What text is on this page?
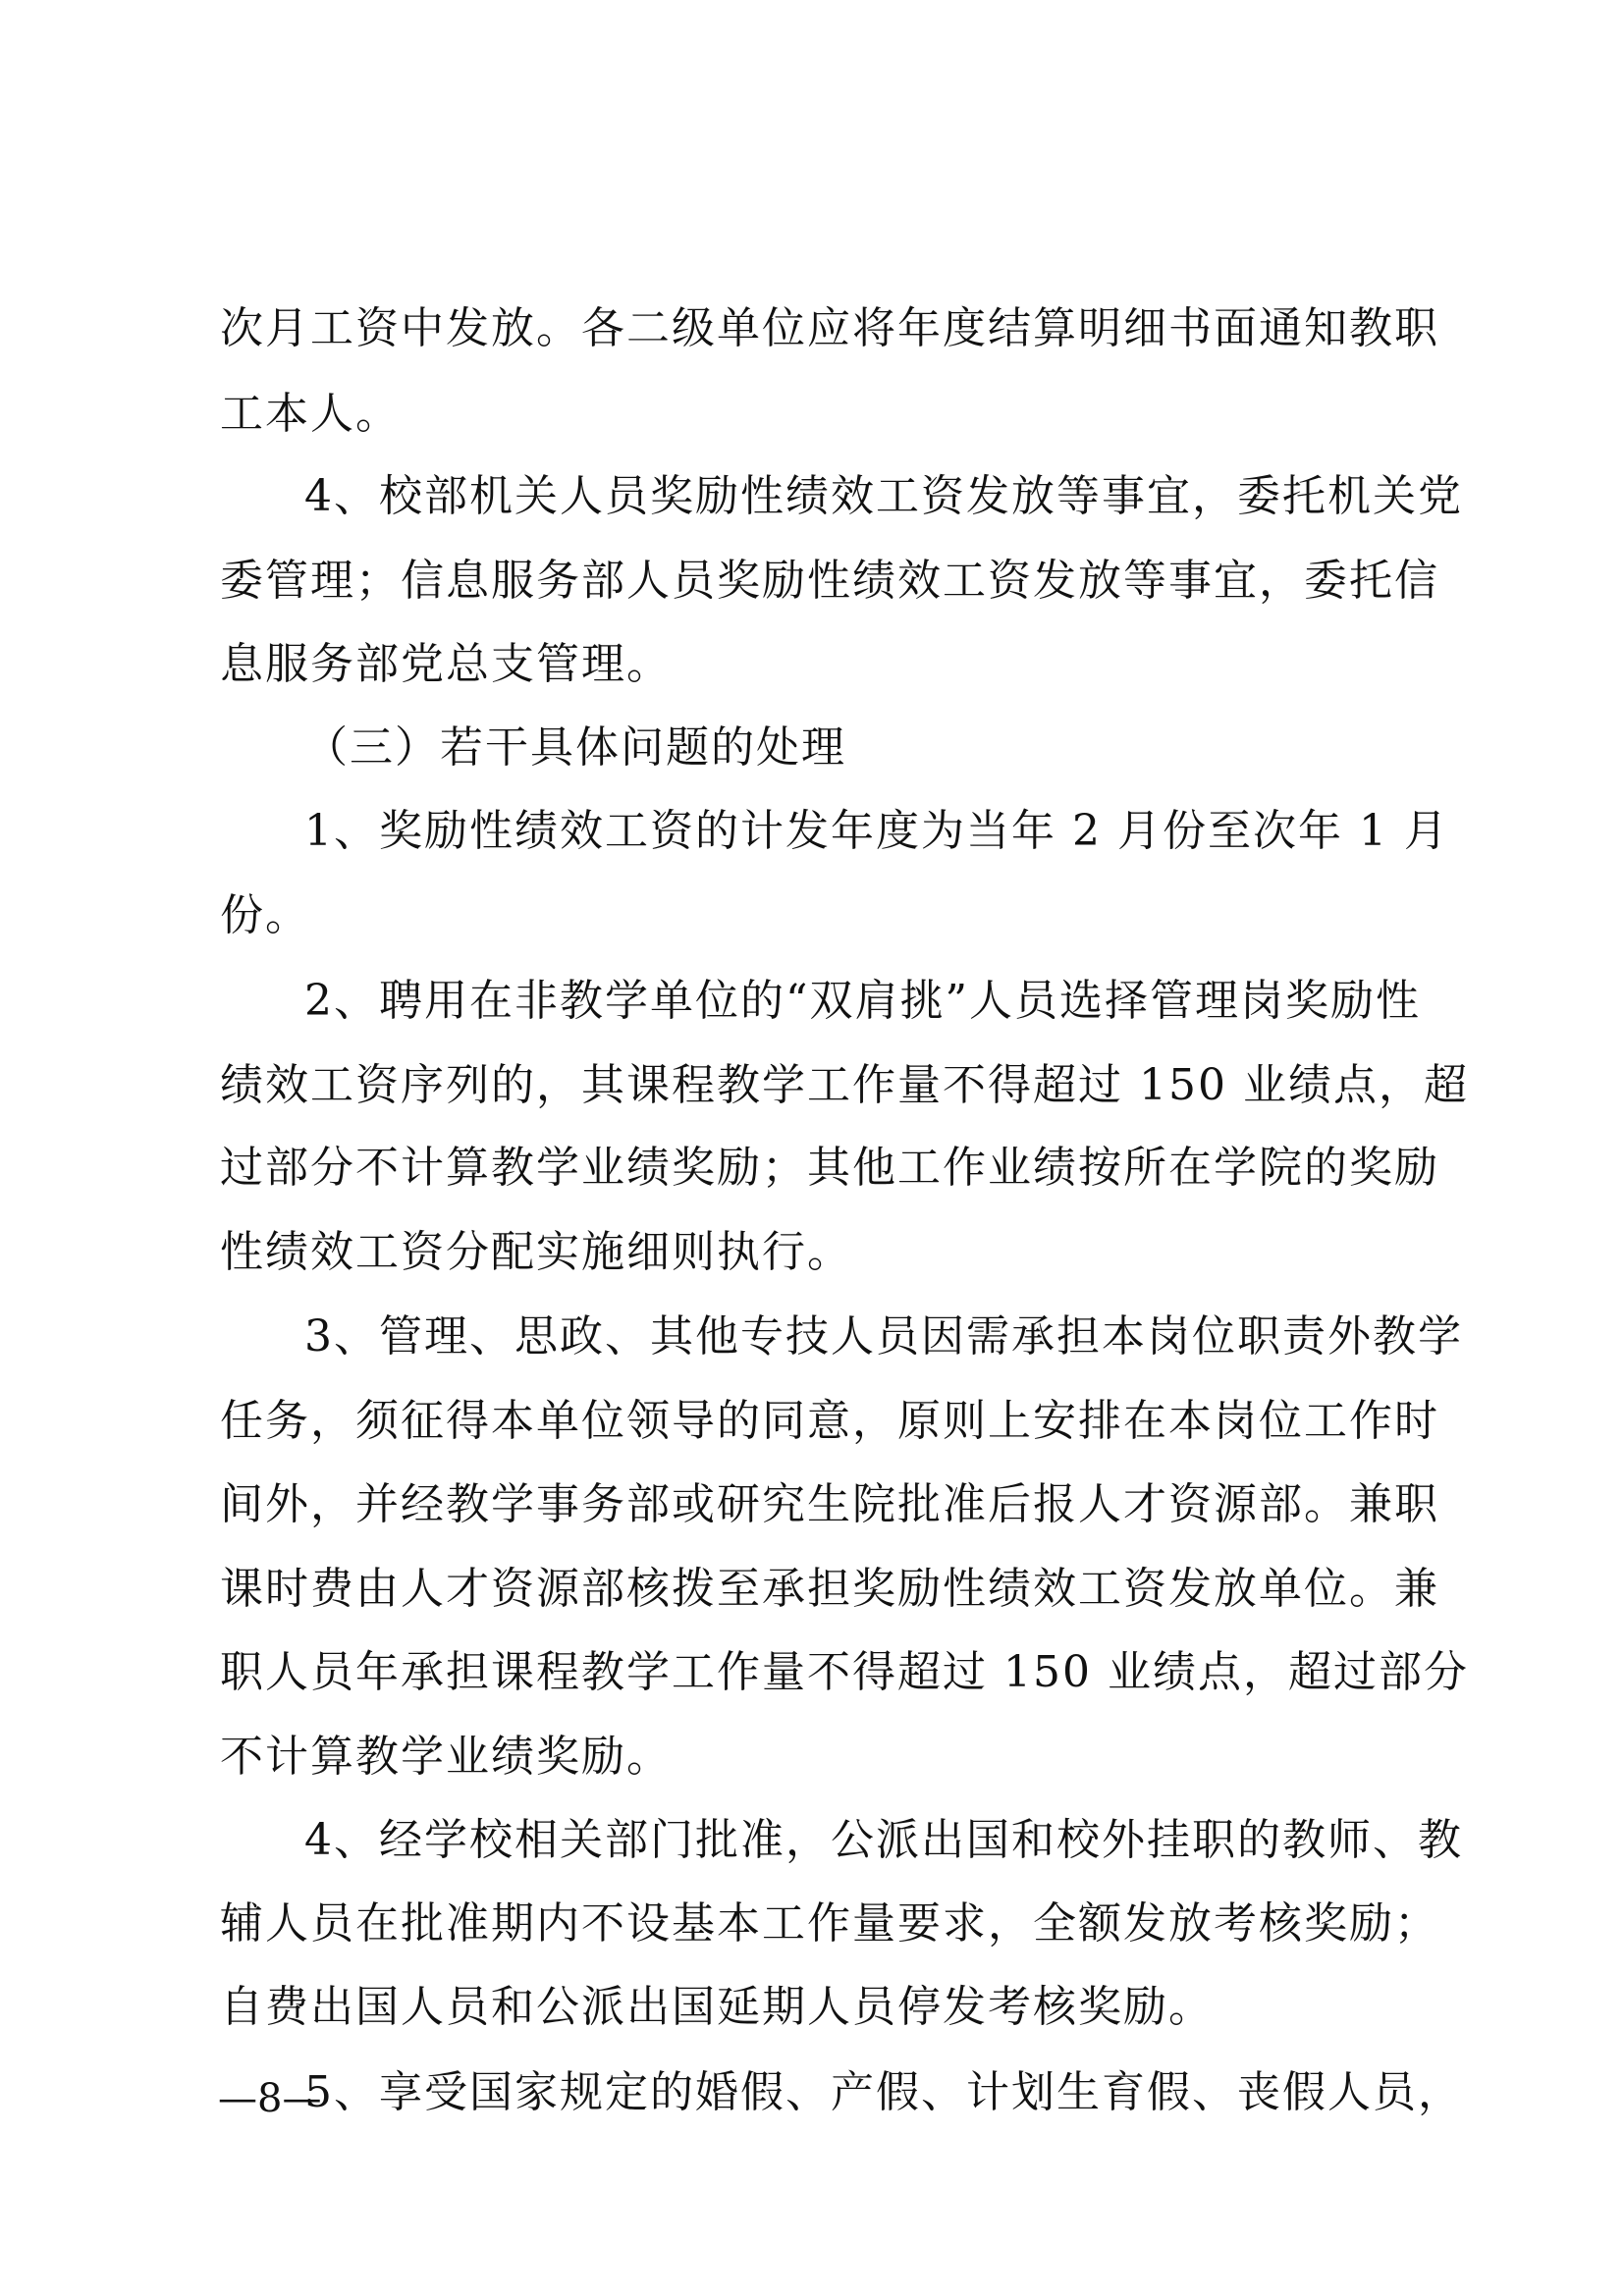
次月工资中发放。各二级单位应将年度结算明细书面通知教职
工本人。
4、校部机关人员奖励性绩效工资发放等事宜，委托机关党
委管理；信息服务部人员奖励性绩效工资发放等事宜，委托信
息服务部党总支管理。
（三）若干具体问题的处理
1、奖励性绩效工资的计发年度为当年 2 月份至次年 1 月
份。
2、聘用在非教学单位的“双肩挑”人员选择管理岗奖励性
绩效工资序列的，其课程教学工作量不得超过 150 业绩点，超
过部分不计算教学业绩奖励；其他工作业绩按所在学院的奖励
性绩效工资分配实施细则执行。
3、管理、思政、其他专技人员因需承担本岗位职责外教学
任务，须征得本单位领导的同意，原则上安排在本岗位工作时
间外，并经教学事务部或研究生院批准后报人才资源部。兼职
课时费由人才资源部核拨至承担奖励性绩效工资发放单位。兼
职人员年承担课程教学工作量不得超过 150 业绩点，超过部分
不计算教学业绩奖励。
4、经学校相关部门批准，公派出国和校外挂职的教师、教
辅人员在批准期内不设基本工作量要求，全额发放考核奖励；
自费出国人员和公派出国延期人员停发考核奖励。
5、享受国家规定的婚假、产假、计划生育假、丧假人员，
—8—
